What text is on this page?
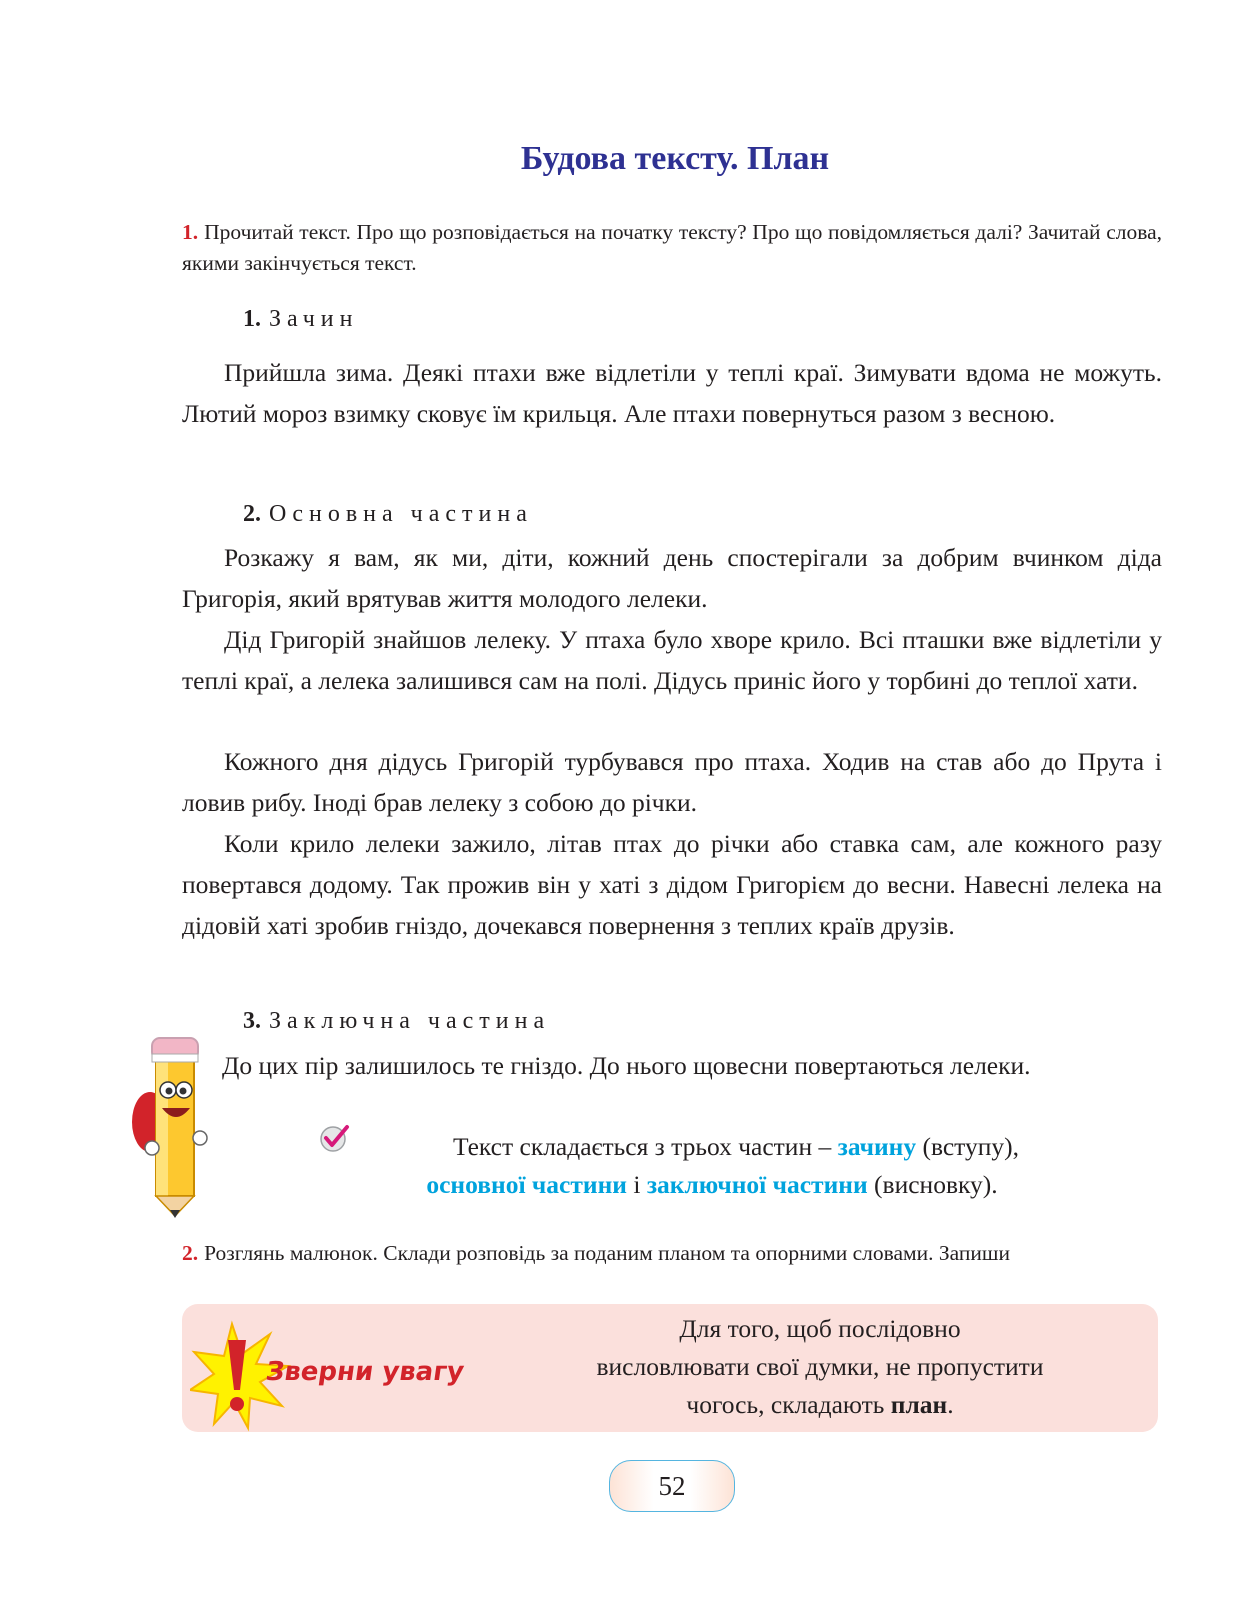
Будова тексту. План
1. Прочитай текст. Про що розповідається на початку тексту? Про що повідомляється далі? Зачитай слова, якими закінчується текст.
1. Зачин
Прийшла зима. Деякі птахи вже відлетіли у теплі краї. Зимувати вдома не можуть. Лютий мороз взимку сковує їм крильця. Але птахи повернуться разом з весною.
2. Основна частина
Розкажу я вам, як ми, діти, кожний день спостерігали за добрим вчинком діда Григорія, який врятував життя молодого лелеки.
Дід Григорій знайшов лелеку. У птаха було хворе крило. Всі пташки вже відлетіли у теплі краї, а лелека залишився сам на полі. Дідусь приніс його у торбині до теплої хати.
Кожного дня дідусь Григорій турбувався про птаха. Ходив на став або до Прута і ловив рибу. Іноді брав лелеку з собою до річки.
Коли крило лелеки зажило, літав птах до річки або ставка сам, але кожного разу повертався додому. Так прожив він у хаті з дідом Григорієм до весни. Навесні лелека на дідовій хаті зробив гніздо, дочекався повернення з теплих країв друзів.
3. Заключна частина
До цих пір залишилось те гніздо. До нього щовесни повертаються лелеки.
Текст складається з трьох частин – зачину (вступу),
основної частини і заключної частини (висновку).
2. Розглянь малюнок. Склади розповідь за поданим планом та опорними словами. Запиши
Зверни увагу
Для того, щоб послідовно
висловлювати свої думки, не пропустити
чогось, складають план.
52
